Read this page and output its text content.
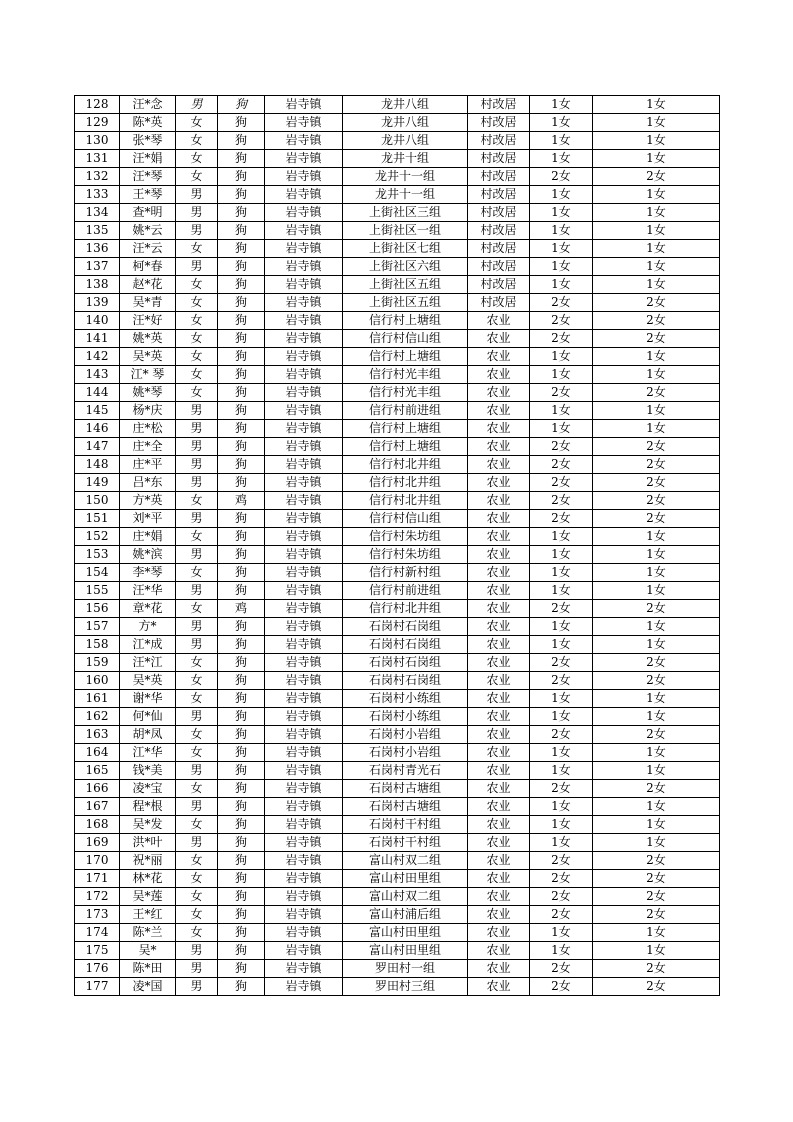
128	汪*念	男	狗	岩寺镇	龙井八组	村改居	1女	1女
129	陈*英	女	狗	岩寺镇	龙井八组	村改居	1女	1女
130	张*琴	女	狗	岩寺镇	龙井八组	村改居	1女	1女
131	汪*娟	女	狗	岩寺镇	龙井十组	村改居	1女	1女
132	汪*琴	女	狗	岩寺镇	龙井十一组	村改居	2女	2女
133	王*琴	男	狗	岩寺镇	龙井十一组	村改居	1女	1女
134	查*明	男	狗	岩寺镇	上街社区三组	村改居	1女	1女
135	姚*云	男	狗	岩寺镇	上街社区一组	村改居	1女	1女
136	汪*云	女	狗	岩寺镇	上街社区七组	村改居	1女	1女
137	柯*春	男	狗	岩寺镇	上街社区六组	村改居	1女	1女
138	赵*花	女	狗	岩寺镇	上街社区五组	村改居	1女	1女
139	吴*青	女	狗	岩寺镇	上街社区五组	村改居	2女	2女
140	汪*好	女	狗	岩寺镇	信行村上塘组	农业	2女	2女
141	姚*英	女	狗	岩寺镇	信行村信山组	农业	2女	2女
142	吴*英	女	狗	岩寺镇	信行村上塘组	农业	1女	1女
143	江* 琴	女	狗	岩寺镇	信行村光丰组	农业	1女	1女
144	姚*琴	女	狗	岩寺镇	信行村光丰组	农业	2女	2女
145	杨*庆	男	狗	岩寺镇	信行村前进组	农业	1女	1女
146	庄*松	男	狗	岩寺镇	信行村上塘组	农业	1女	1女
147	庄*全	男	狗	岩寺镇	信行村上塘组	农业	2女	2女
148	庄*平	男	狗	岩寺镇	信行村北井组	农业	2女	2女
149	吕*东	男	狗	岩寺镇	信行村北井组	农业	2女	2女
150	方*英	女	鸡	岩寺镇	信行村北井组	农业	2女	2女
151	刘*平	男	狗	岩寺镇	信行村信山组	农业	2女	2女
152	庄*娟	女	狗	岩寺镇	信行村朱坊组	农业	1女	1女
153	姚*滨	男	狗	岩寺镇	信行村朱坊组	农业	1女	1女
154	李*琴	女	狗	岩寺镇	信行村新村组	农业	1女	1女
155	汪*华	男	狗	岩寺镇	信行村前进组	农业	1女	1女
156	章*花	女	鸡	岩寺镇	信行村北井组	农业	2女	2女
157	方*	男	狗	岩寺镇	石岗村石岗组	农业	1女	1女
158	江*成	男	狗	岩寺镇	石岗村石岗组	农业	1女	1女
159	汪*江	女	狗	岩寺镇	石岗村石岗组	农业	2女	2女
160	吴*英	女	狗	岩寺镇	石岗村石岗组	农业	2女	2女
161	谢*华	女	狗	岩寺镇	石岗村小练组	农业	1女	1女
162	何*仙	男	狗	岩寺镇	石岗村小练组	农业	1女	1女
163	胡*凤	女	狗	岩寺镇	石岗村小岩组	农业	2女	2女
164	江*华	女	狗	岩寺镇	石岗村小岩组	农业	1女	1女
165	钱*美	男	狗	岩寺镇	石岗村青光石	农业	1女	1女
166	凌*宝	女	狗	岩寺镇	石岗村古塘组	农业	2女	2女
167	程*根	男	狗	岩寺镇	石岗村古塘组	农业	1女	1女
168	吴*发	女	狗	岩寺镇	石岗村干村组	农业	1女	1女
169	洪*叶	男	狗	岩寺镇	石岗村干村组	农业	1女	1女
170	祝*丽	女	狗	岩寺镇	富山村双二组	农业	2女	2女
171	林*花	女	狗	岩寺镇	富山村田里组	农业	2女	2女
172	吴*莲	女	狗	岩寺镇	富山村双二组	农业	2女	2女
173	王*红	女	狗	岩寺镇	富山村浦后组	农业	2女	2女
174	陈*兰	女	狗	岩寺镇	富山村田里组	农业	1女	1女
175	吴*	男	狗	岩寺镇	富山村田里组	农业	1女	1女
176	陈*田	男	狗	岩寺镇	罗田村一组	农业	2女	2女
177	凌*国	男	狗	岩寺镇	罗田村三组	农业	2女	2女
